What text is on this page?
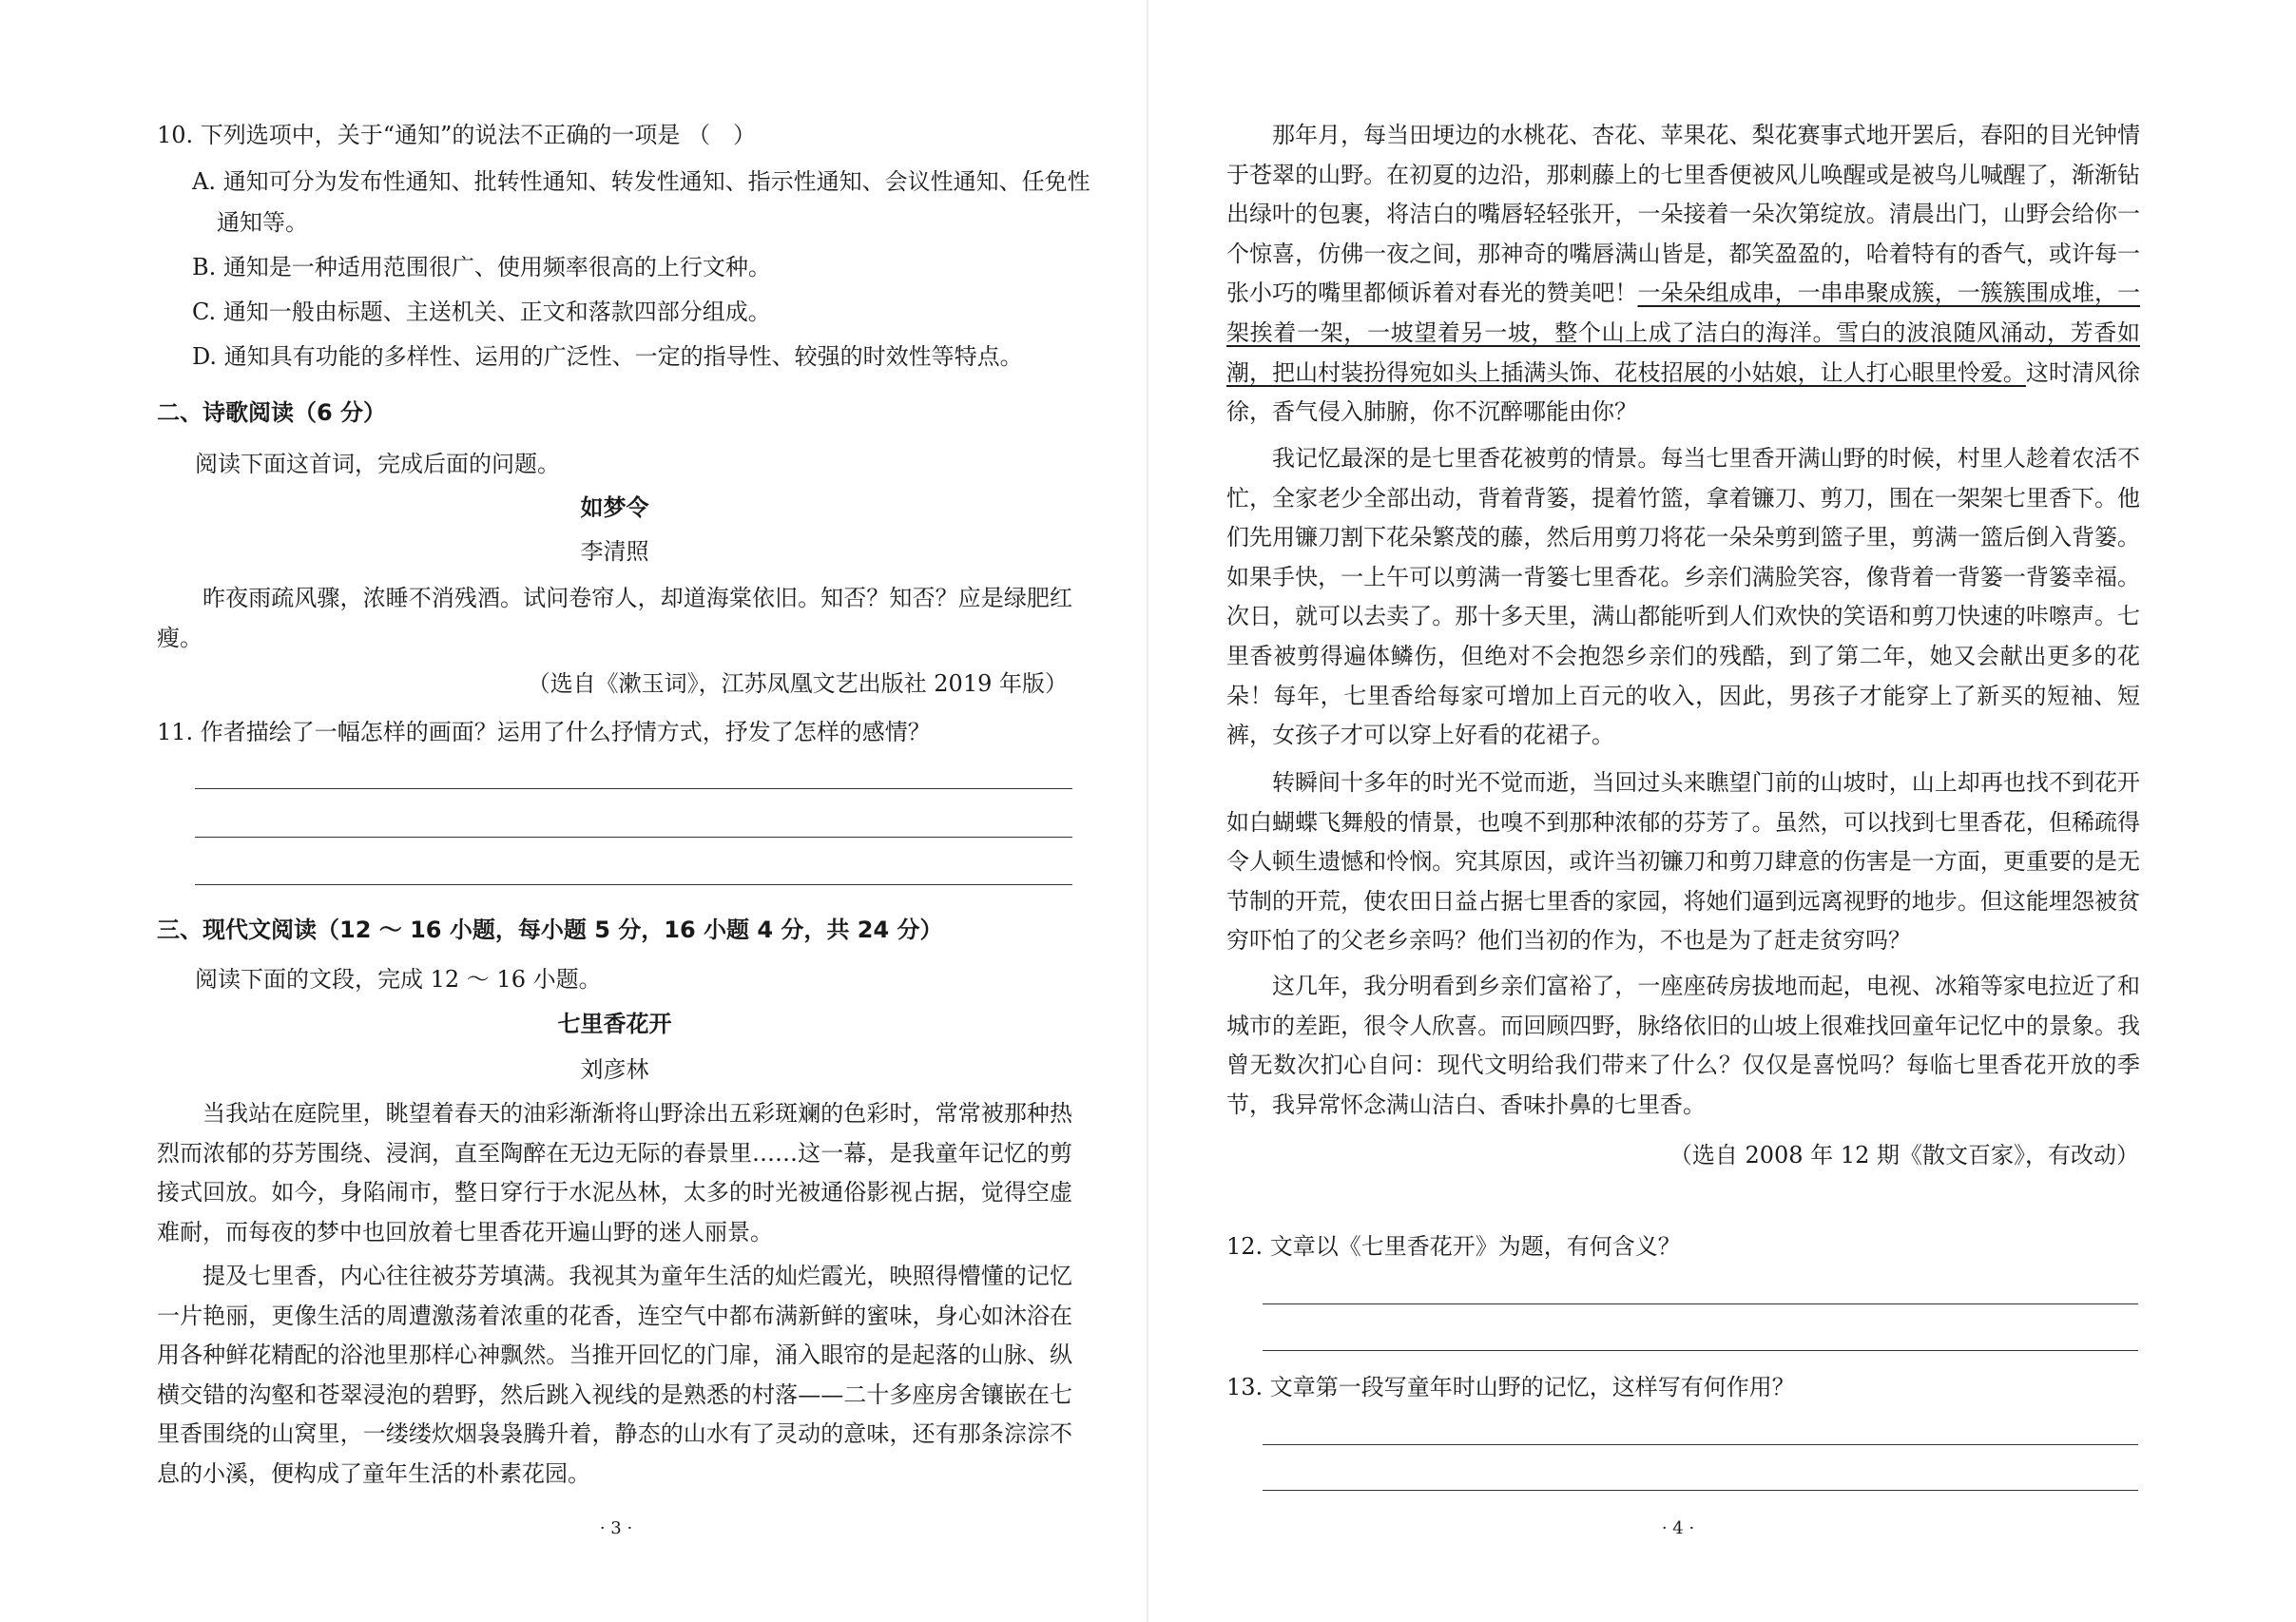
10. 下列选项中，关于“通知”的说法不正确的一项是 （　）
A. 通知可分为发布性通知、批转性通知、转发性通知、指示性通知、会议性通知、任免性
通知等。
B. 通知是一种适用范围很广、使用频率很高的上行文种。
C. 通知一般由标题、主送机关、正文和落款四部分组成。
D. 通知具有功能的多样性、运用的广泛性、一定的指导性、较强的时效性等特点。
二、诗歌阅读（6 分）
阅读下面这首词，完成后面的问题。
如梦令
李清照

昨夜雨疏风骤，浓睡不消残酒。试问卷帘人，却道海棠依旧。知否？知否？应是绿肥红瘦。

（选自《漱玉词》，江苏凤凰文艺出版社 2019 年版）
11. 作者描绘了一幅怎样的画面？运用了什么抒情方式，抒发了怎样的感情？
三、现代文阅读（12 ～ 16 小题，每小题 5 分，16 小题 4 分，共 24 分）
阅读下面的文段，完成 12 ～ 16 小题。
七里香花开
刘彦林

当我站在庭院里，眺望着春天的油彩渐渐将山野涂出五彩斑斓的色彩时，常常被那种热烈而浓郁的芬芳围绕、浸润，直至陶醉在无边无际的春景里……这一幕，是我童年记忆的剪接式回放。如今，身陷闹市，整日穿行于水泥丛林，太多的时光被通俗影视占据，觉得空虚难耐，而每夜的梦中也回放着七里香花开遍山野的迷人丽景。

提及七里香，内心往往被芬芳填满。我视其为童年生活的灿烂霞光，映照得懵懂的记忆一片艳丽，更像生活的周遭激荡着浓重的花香，连空气中都布满新鲜的蜜味，身心如沐浴在用各种鲜花精配的浴池里那样心神飘然。当推开回忆的门扉，涌入眼帘的是起落的山脉、纵横交错的沟壑和苍翠浸泡的碧野，然后跳入视线的是熟悉的村落——二十多座房舍镶嵌在七里香围绕的山窝里，一缕缕炊烟袅袅腾升着，静态的山水有了灵动的意味，还有那条淙淙不息的小溪，便构成了童年生活的朴素花园。

· 3 ·

那年月，每当田埂边的水桃花、杏花、苹果花、梨花赛事式地开罢后，春阳的目光钟情于苍翠的山野。在初夏的边沿，那刺藤上的七里香便被风儿唤醒或是被鸟儿喊醒了，渐渐钻出绿叶的包裹，将洁白的嘴唇轻轻张开，一朵接着一朵次第绽放。清晨出门，山野会给你一个惊喜，仿佛一夜之间，那神奇的嘴唇满山皆是，都笑盈盈的，哈着特有的香气，或许每一张小巧的嘴里都倾诉着对春光的赞美吧！一朵朵组成串，一串串聚成簇，一簇簇围成堆，一架挨着一架，一坡望着另一坡，整个山上成了洁白的海洋。雪白的波浪随风涌动，芳香如潮，把山村装扮得宛如头上插满头饰、花枝招展的小姑娘，让人打心眼里怜爱。这时清风徐徐，香气侵入肺腑，你不沉醉哪能由你？

我记忆最深的是七里香花被剪的情景。每当七里香开满山野的时候，村里人趁着农活不忙，全家老少全部出动，背着背篓，提着竹篮，拿着镰刀、剪刀，围在一架架七里香下。他们先用镰刀割下花朵繁茂的藤，然后用剪刀将花一朵朵剪到篮子里，剪满一篮后倒入背篓。如果手快，一上午可以剪满一背篓七里香花。乡亲们满脸笑容，像背着一背篓一背篓幸福。次日，就可以去卖了。那十多天里，满山都能听到人们欢快的笑语和剪刀快速的咔嚓声。七里香被剪得遍体鳞伤，但绝对不会抱怨乡亲们的残酷，到了第二年，她又会献出更多的花朵！每年，七里香给每家可增加上百元的收入，因此，男孩子才能穿上了新买的短袖、短裤，女孩子才可以穿上好看的花裙子。

转瞬间十多年的时光不觉而逝，当回过头来瞧望门前的山坡时，山上却再也找不到花开如白蝴蝶飞舞般的情景，也嗅不到那种浓郁的芬芳了。虽然，可以找到七里香花，但稀疏得令人顿生遗憾和怜悯。究其原因，或许当初镰刀和剪刀肆意的伤害是一方面，更重要的是无节制的开荒，使农田日益占据七里香的家园，将她们逼到远离视野的地步。但这能埋怨被贫穷吓怕了的父老乡亲吗？他们当初的作为，不也是为了赶走贫穷吗？

这几年，我分明看到乡亲们富裕了，一座座砖房拔地而起，电视、冰箱等家电拉近了和城市的差距，很令人欣喜。而回顾四野，脉络依旧的山坡上很难找回童年记忆中的景象。我曾无数次扪心自问：现代文明给我们带来了什么？仅仅是喜悦吗？每临七里香花开放的季节，我异常怀念满山洁白、香味扑鼻的七里香。

（选自 2008 年 12 期《散文百家》，有改动）
12. 文章以《七里香花开》为题，有何含义？
13. 文章第一段写童年时山野的记忆，这样写有何作用？
· 4 ·
